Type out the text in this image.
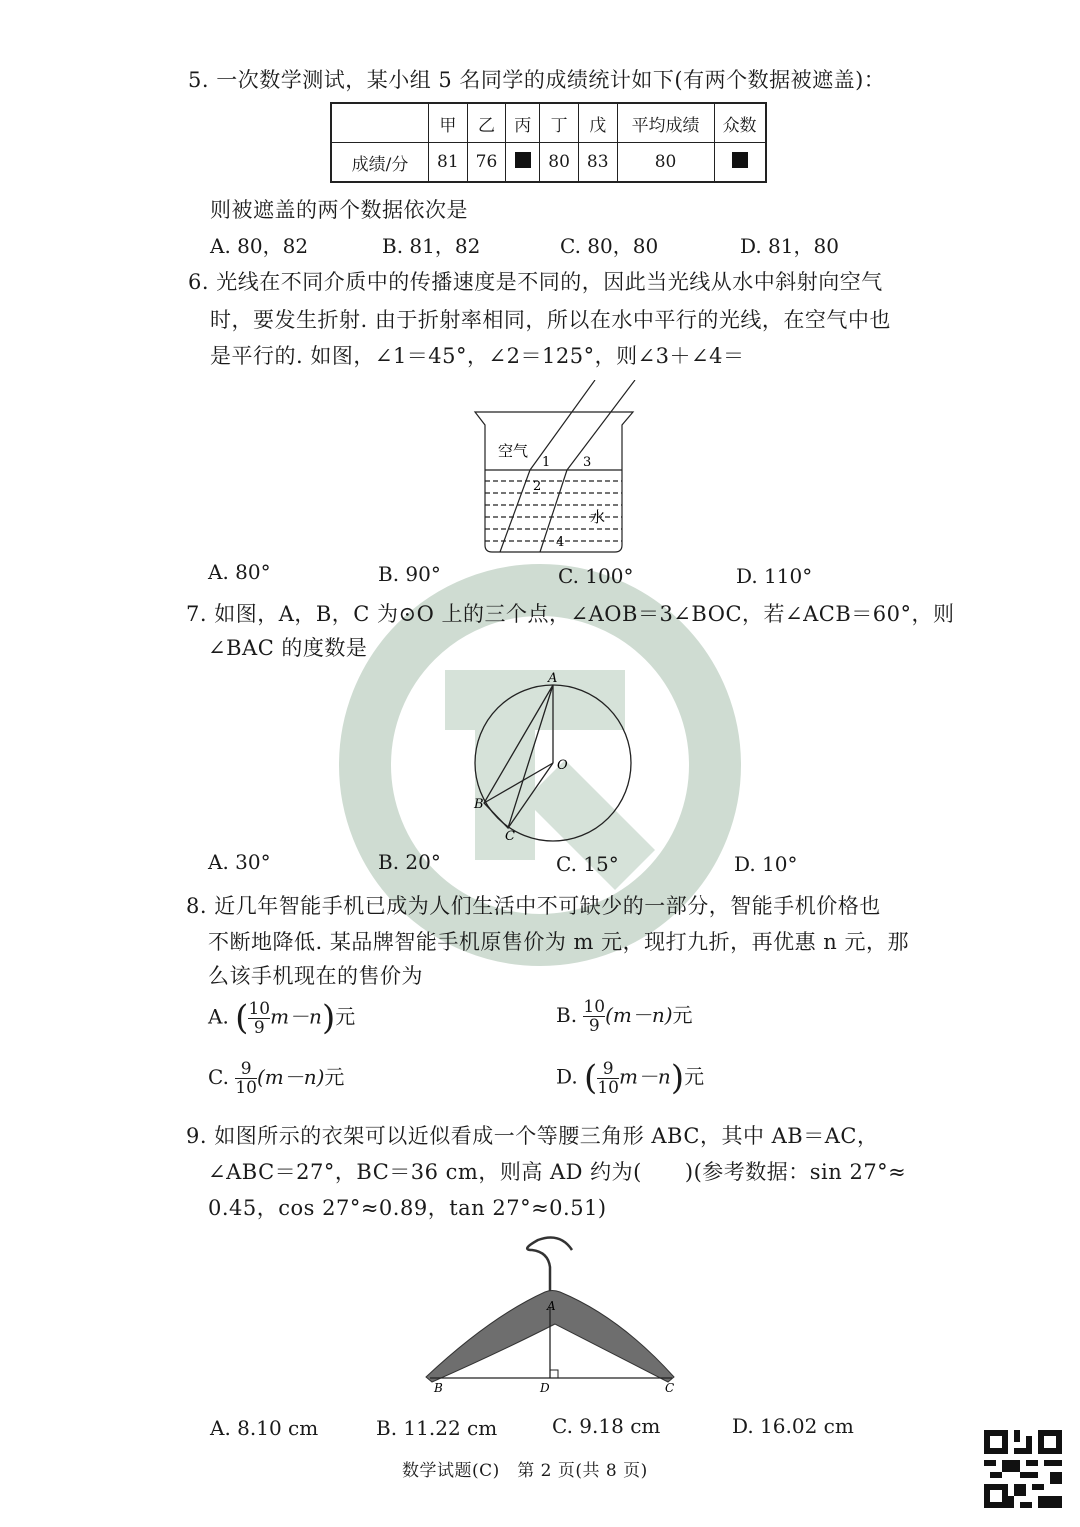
5. 一次数学测试，某小组 5 名同学的成绩统计如下(有两个数据被遮盖)：
	甲	乙	丙	丁	戊	平均成绩	众数
成绩/分	81	76		80	83	80	
则被遮盖的两个数据依次是
A. 80，82	B. 81，82	C. 80，80	D. 81，80
6. 光线在不同介质中的传播速度是不同的，因此当光线从水中斜射向空气
时，要发生折射. 由于折射率相同，所以在水中平行的光线，在空气中也
是平行的. 如图，∠1＝45°，∠2＝125°，则∠3＋∠4＝
空气
水
1
2
3
4
A. 80°	B. 90°	C. 100°	D. 110°
7. 如图，A，B，C 为⊙O 上的三个点，∠AOB＝3∠BOC，若∠ACB＝60°，则
∠BAC 的度数是
A
B
C
O
A. 30°	B. 20°	C. 15°	D. 10°
8. 近几年智能手机已成为人们生活中不可缺少的一部分，智能手机价格也
不断地降低. 某品牌智能手机原售价为 m 元，现打九折，再优惠 n 元，那
么该手机现在的售价为
A. ( $\frac{10}{9} m-n$)元	B. $\frac{10}{9} (m-n)$元
C. $\frac{9}{10} (m-n)$元	D. ( $\frac{9}{10} m-n$)元
9. 如图所示的衣架可以近似看成一个等腰三角形 ABC，其中 AB＝AC，
∠ABC＝27°，BC＝36 cm，则高 AD 约为(　　)(参考数据：sin 27°≈
0.45，cos 27°≈0.89，tan 27°≈0.51)
A
B	D	C
A. 8.10 cm	B. 11.22 cm	C. 9.18 cm	D. 16.02 cm
数学试题(C)　第 2 页(共 8 页)
